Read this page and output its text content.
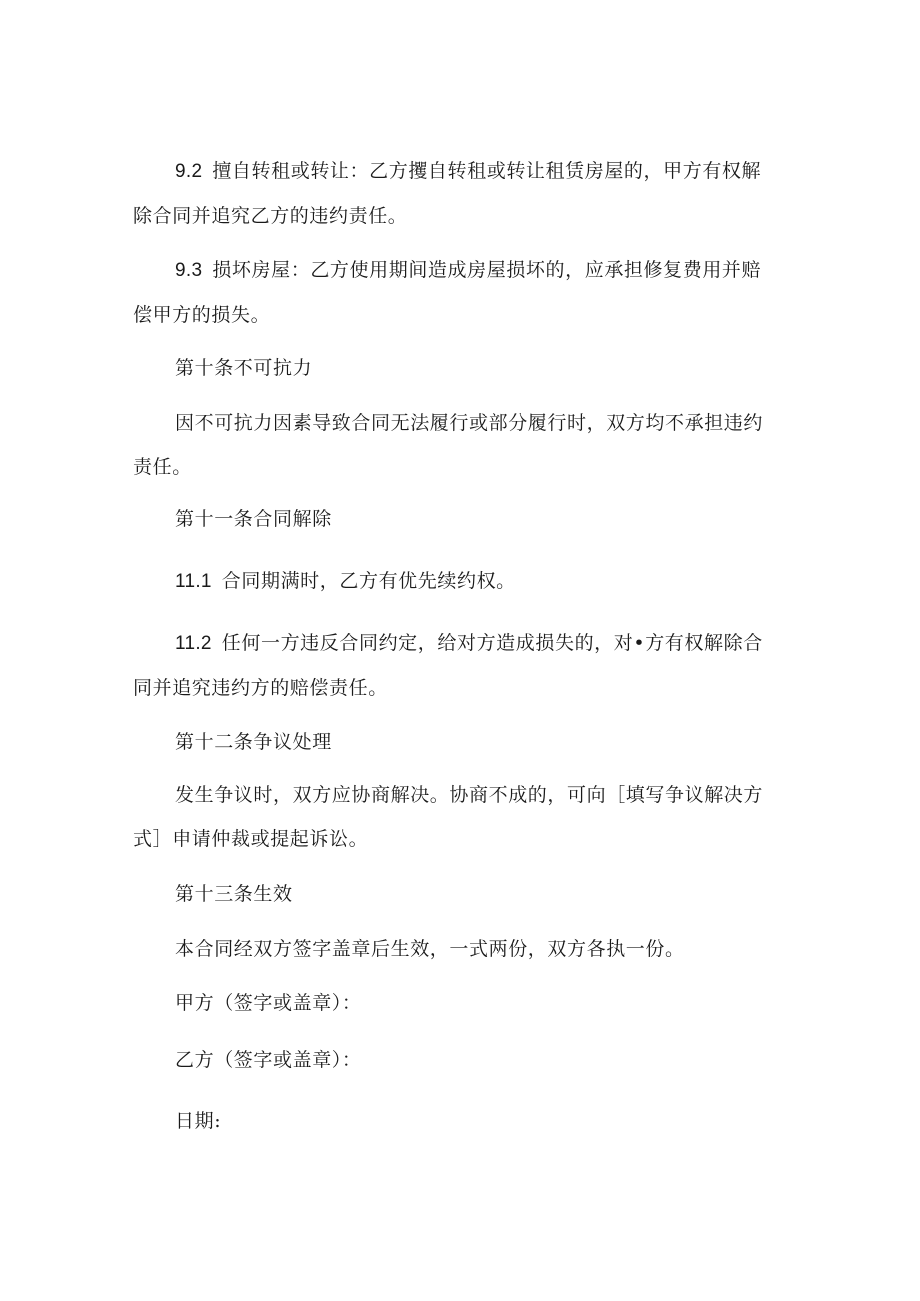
9.2 擅自转租或转让：乙方攫自转租或转让租赁房屋的，甲方有权解除合同并追究乙方的违约责任。

9.3 损坏房屋：乙方使用期间造成房屋损坏的，应承担修复费用并赔偿甲方的损失。

第十条不可抗力

因不可抗力因素导致合同无法履行或部分履行时，双方均不承担违约责任。

第十一条合同解除

11.1 合同期满时，乙方有优先续约权。

11.2 任何一方违反合同约定，给对方造成损失的，对•方有权解除合同并追究违约方的赔偿责任。

第十二条争议处理

发生争议时，双方应协商解决。协商不成的，可向［填写争议解决方式］申请仲裁或提起诉讼。

第十三条生效

本合同经双方签字盖章后生效，一式两份，双方各执一份。

甲方（签字或盖章）：

乙方（签字或盖章）：

日期:
